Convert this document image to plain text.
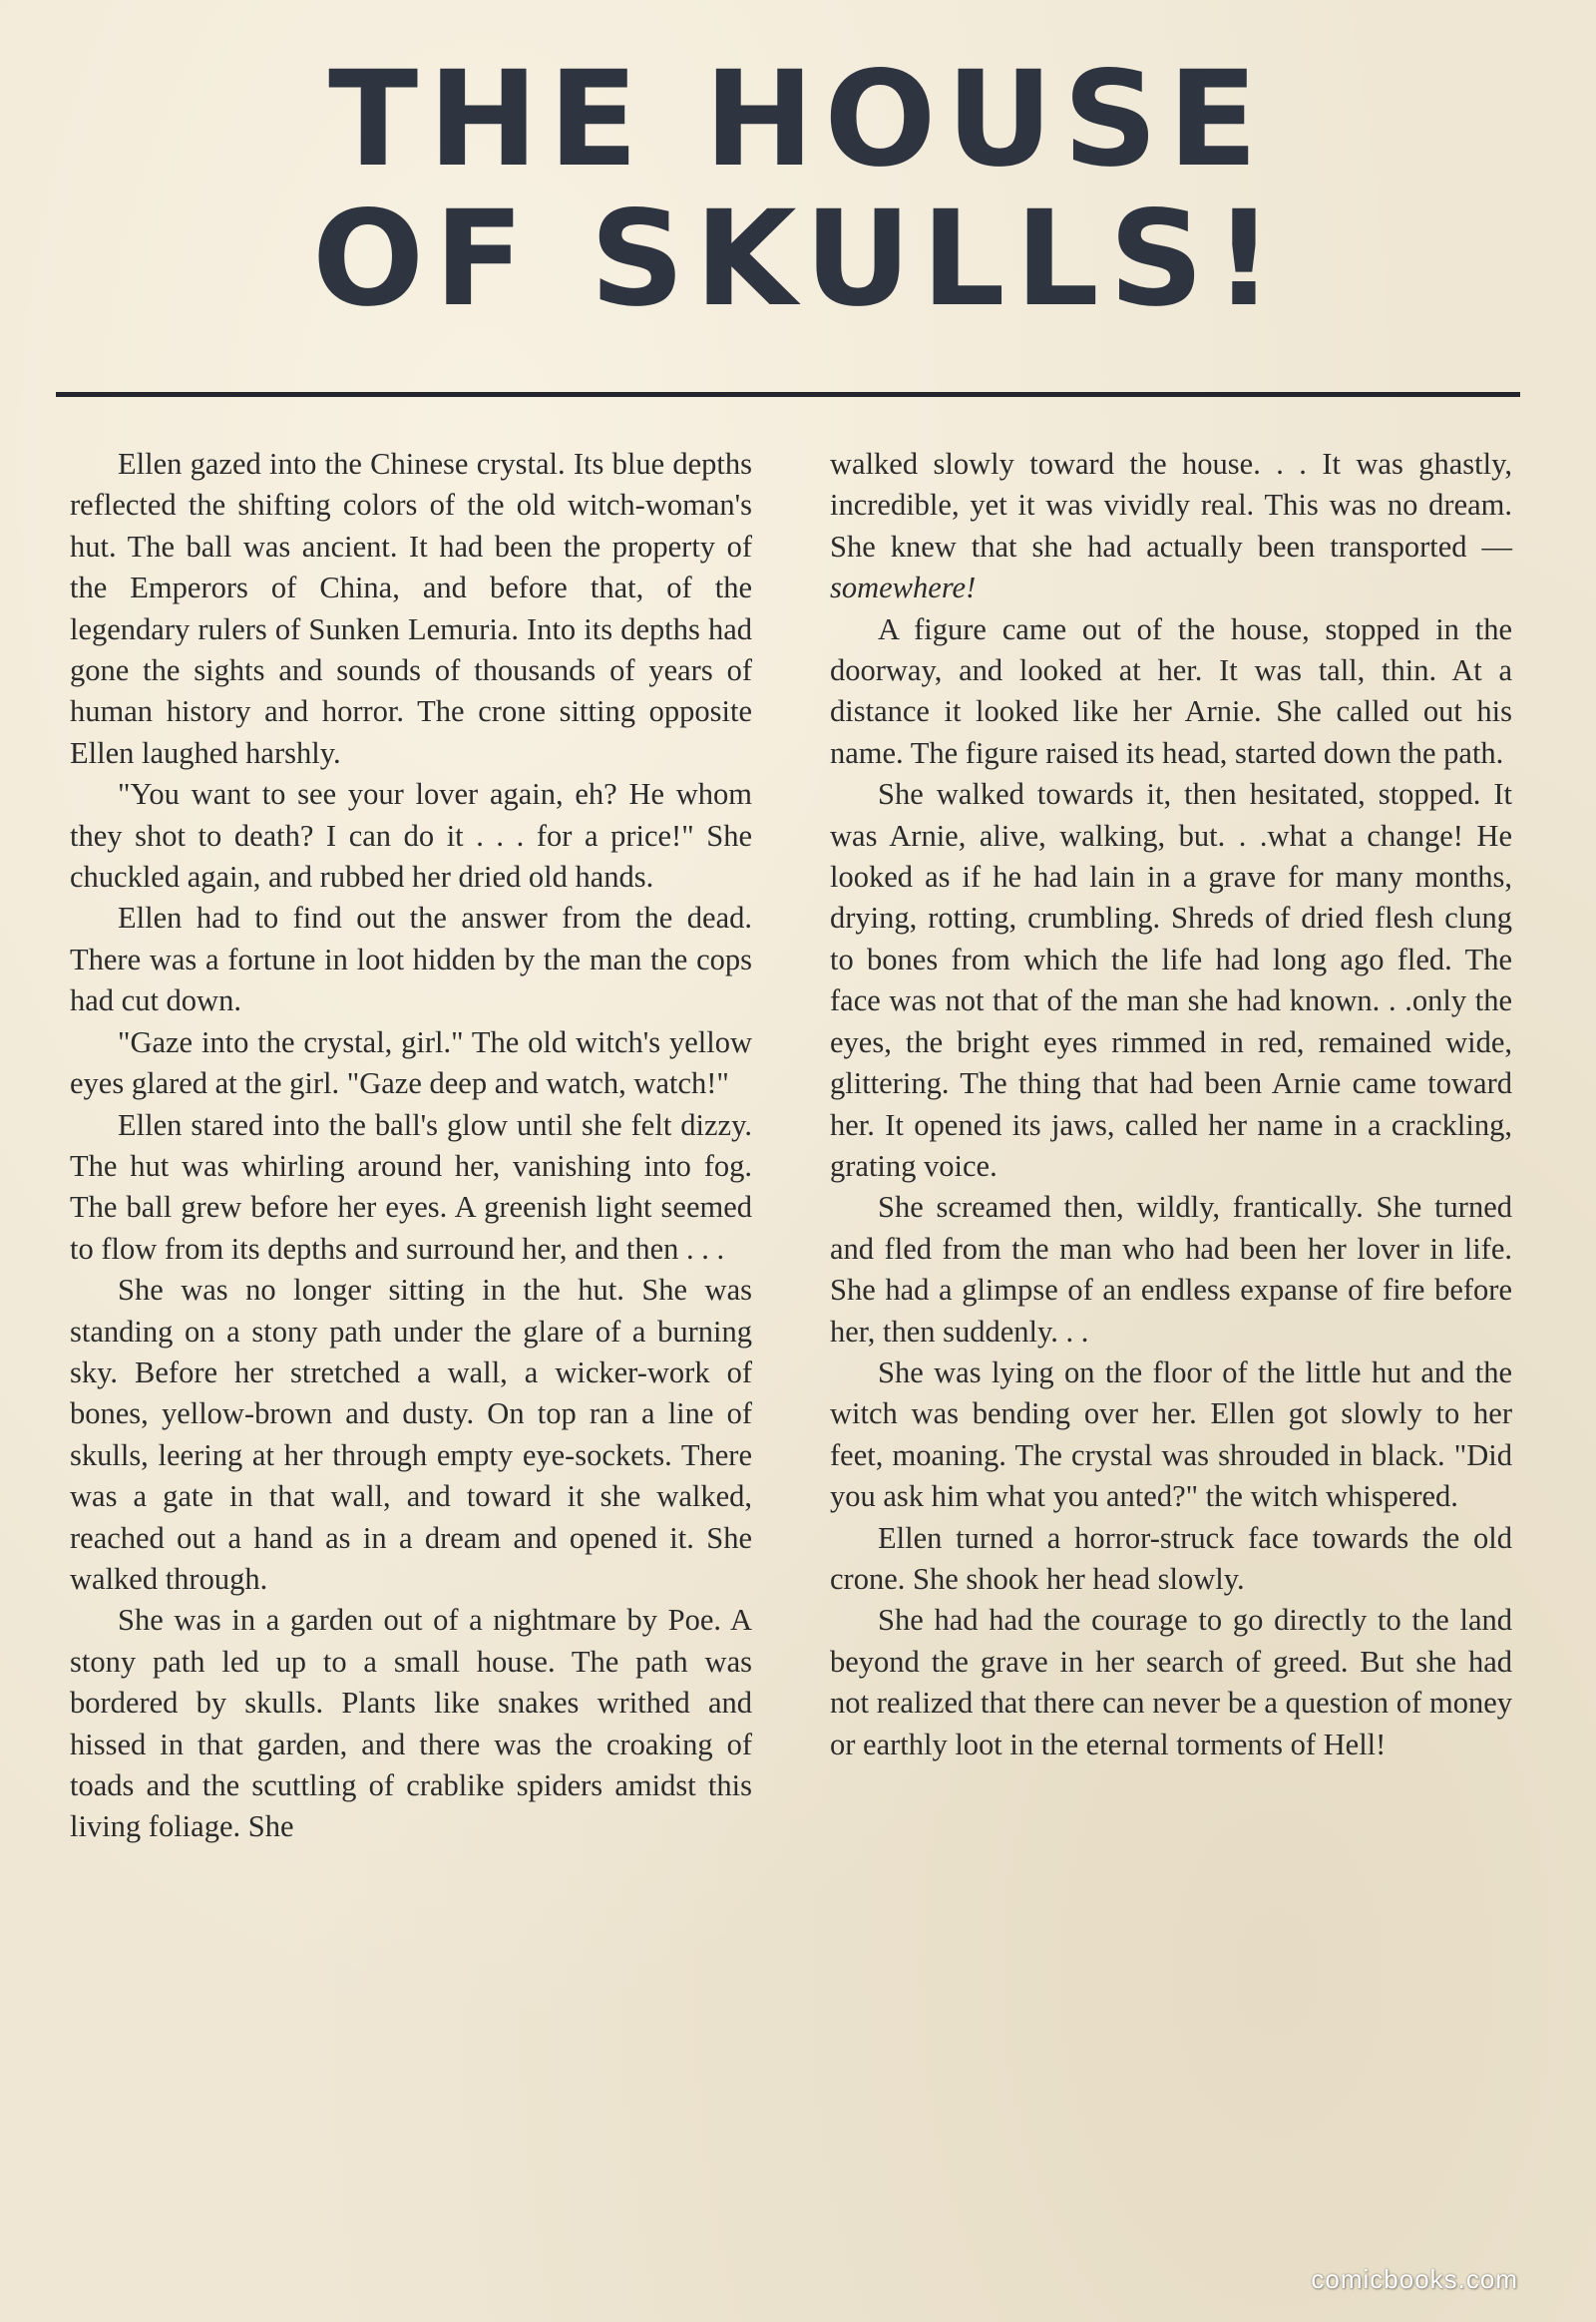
THE HOUSE
OF SKULLS!

Ellen gazed into the Chinese crystal. Its blue depths reflected the shifting colors of the old witch-woman's hut. The ball was ancient. It had been the property of the Emperors of China, and before that, of the legendary rulers of Sunken Lemuria. Into its depths had gone the sights and sounds of thousands of years of human history and horror. The crone sitting opposite Ellen laughed harshly.

"You want to see your lover again, eh? He whom they shot to death? I can do it . . . for a price!" She chuckled again, and rubbed her dried old hands.

Ellen had to find out the answer from the dead. There was a fortune in loot hidden by the man the cops had cut down.

"Gaze into the crystal, girl." The old witch's yellow eyes glared at the girl. "Gaze deep and watch, watch!"

Ellen stared into the ball's glow until she felt dizzy. The hut was whirling around her, vanishing into fog. The ball grew before her eyes. A greenish light seemed to flow from its depths and surround her, and then . . .

She was no longer sitting in the hut. She was standing on a stony path under the glare of a burning sky. Before her stretched a wall, a wicker-work of bones, yellow-brown and dusty. On top ran a line of skulls, leering at her through empty eye-sockets. There was a gate in that wall, and toward it she walked, reached out a hand as in a dream and opened it. She walked through.

She was in a garden out of a nightmare by Poe. A stony path led up to a small house. The path was bordered by skulls. Plants like snakes writhed and hissed in that garden, and there was the croaking of toads and the scuttling of crablike spiders amidst this living foliage. She

walked slowly toward the house. . . It was ghastly, incredible, yet it was vividly real. This was no dream. She knew that she had actually been transported —somewhere!

A figure came out of the house, stopped in the doorway, and looked at her. It was tall, thin. At a distance it looked like her Arnie. She called out his name. The figure raised its head, started down the path.

She walked towards it, then hesitated, stopped. It was Arnie, alive, walking, but. . .what a change! He looked as if he had lain in a grave for many months, drying, rotting, crumbling. Shreds of dried flesh clung to bones from which the life had long ago fled. The face was not that of the man she had known. . .only the eyes, the bright eyes rimmed in red, remained wide, glittering. The thing that had been Arnie came toward her. It opened its jaws, called her name in a crackling, grating voice.

She screamed then, wildly, frantically. She turned and fled from the man who had been her lover in life. She had a glimpse of an endless expanse of fire before her, then suddenly. . .

She was lying on the floor of the little hut and the witch was bending over her. Ellen got slowly to her feet, moaning. The crystal was shrouded in black. "Did you ask him what you anted?" the witch whispered.

Ellen turned a horror-struck face towards the old crone. She shook her head slowly.

She had had the courage to go directly to the land beyond the grave in her search of greed. But she had not realized that there can never be a question of money or earthly loot in the eternal torments of Hell!

comicbooks.com
